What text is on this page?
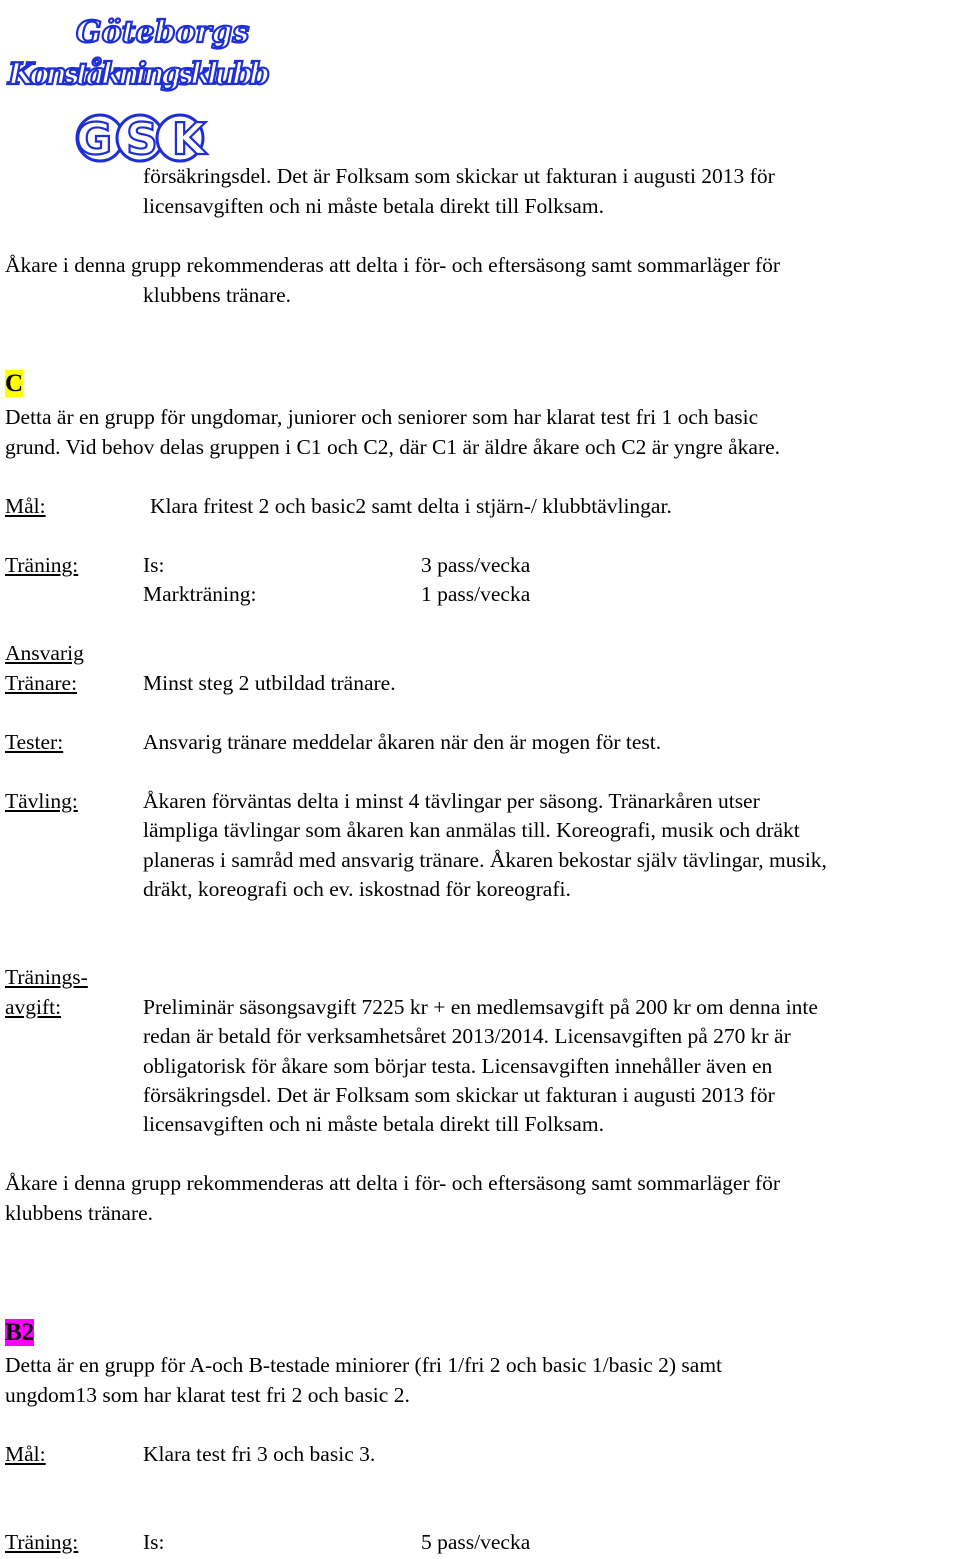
Göteborgs
Konståkningsklubb
GSK
försäkringsdel. Det är Folksam som skickar ut fakturan i augusti 2013 för
licensavgiften och ni måste betala direkt till Folksam.
Åkare i denna grupp rekommenderas att delta i för- och eftersäsong samt sommarläger för
klubbens tränare.
C
Detta är en grupp för ungdomar, juniorer och seniorer som har klarat test fri 1 och basic
grund. Vid behov delas gruppen i C1 och C2, där C1 är äldre åkare och C2 är yngre åkare.
Mål:	Klara fritest 2 och basic2 samt delta i stjärn-/ klubbtävlingar.
Träning:	Is:	3 pass/vecka
Markträning:	1 pass/vecka
Ansvarig
Tränare:	Minst steg 2 utbildad tränare.
Tester:	Ansvarig tränare meddelar åkaren när den är mogen för test.
Tävling:	Åkaren förväntas delta i minst 4 tävlingar per säsong. Tränarkåren utser
lämpliga tävlingar som åkaren kan anmälas till. Koreografi, musik och dräkt
planeras i samråd med ansvarig tränare. Åkaren bekostar själv tävlingar, musik,
dräkt, koreografi och ev. iskostnad för koreografi.
Tränings-
avgift:	Preliminär säsongsavgift 7225 kr + en medlemsavgift på 200 kr om denna inte
redan är betald för verksamhetsåret 2013/2014. Licensavgiften på 270 kr är
obligatorisk för åkare som börjar testa. Licensavgiften innehåller även en
försäkringsdel. Det är Folksam som skickar ut fakturan i augusti 2013 för
licensavgiften och ni måste betala direkt till Folksam.
Åkare i denna grupp rekommenderas att delta i för- och eftersäsong samt sommarläger för
klubbens tränare.
B2
Detta är en grupp för A-och B-testade miniorer (fri 1/fri 2 och basic 1/basic 2) samt
ungdom13 som har klarat test fri 2 och basic 2.
Mål:	Klara test fri 3 och basic 3.
Träning:	Is:	5 pass/vecka
